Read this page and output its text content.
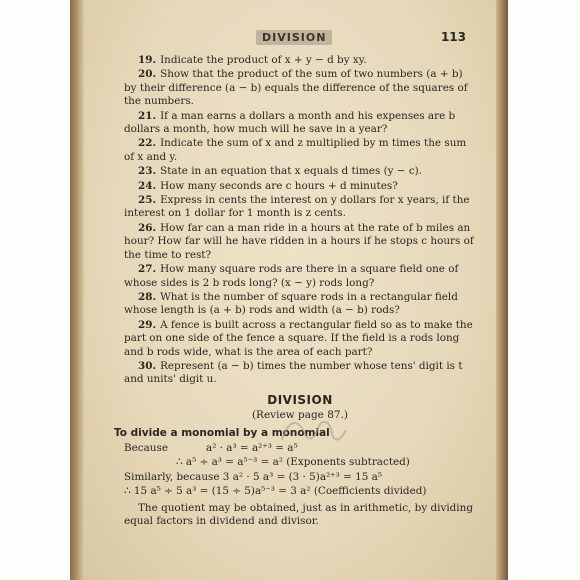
DIVISION	113

19. Indicate the product of x + y − d by xy.

20. Show that the product of the sum of two numbers (a + b) by their difference (a − b) equals the difference of the squares of the numbers.

21. If a man earns a dollars a month and his expenses are b dollars a month, how much will he save in a year?

22. Indicate the sum of x and z multiplied by m times the sum of x and y.

23. State in an equation that x equals d times (y − c).

24. How many seconds are c hours + d minutes?

25. Express in cents the interest on y dollars for x years, if the interest on 1 dollar for 1 month is z cents.

26. How far can a man ride in a hours at the rate of b miles an hour? How far will he have ridden in a hours if he stops c hours of the time to rest?

27. How many square rods are there in a square field one of whose sides is 2 b rods long? (x − y) rods long?

28. What is the number of square rods in a rectangular field whose length is (a + b) rods and width (a − b) rods?

29. A fence is built across a rectangular field so as to make the part on one side of the fence a square. If the field is a rods long and b rods wide, what is the area of each part?

30. Represent (a − b) times the number whose tens' digit is t and units' digit u.

DIVISION
(Review page 87.)
To divide a monomial by a monomial
Because	a² · a³ = a²⁺³ = a⁵
∴ a⁵ ÷ a³ = a⁵⁻³ = a² (Exponents subtracted)
Similarly, because 3 a² · 5 a³ = (3 · 5)a²⁺³ = 15 a⁵
∴ 15 a⁵ ÷ 5 a³ = (15 ÷ 5)a⁵⁻³ = 3 a² (Coefficients divided)

The quotient may be obtained, just as in arithmetic, by dividing equal factors in dividend and divisor.
